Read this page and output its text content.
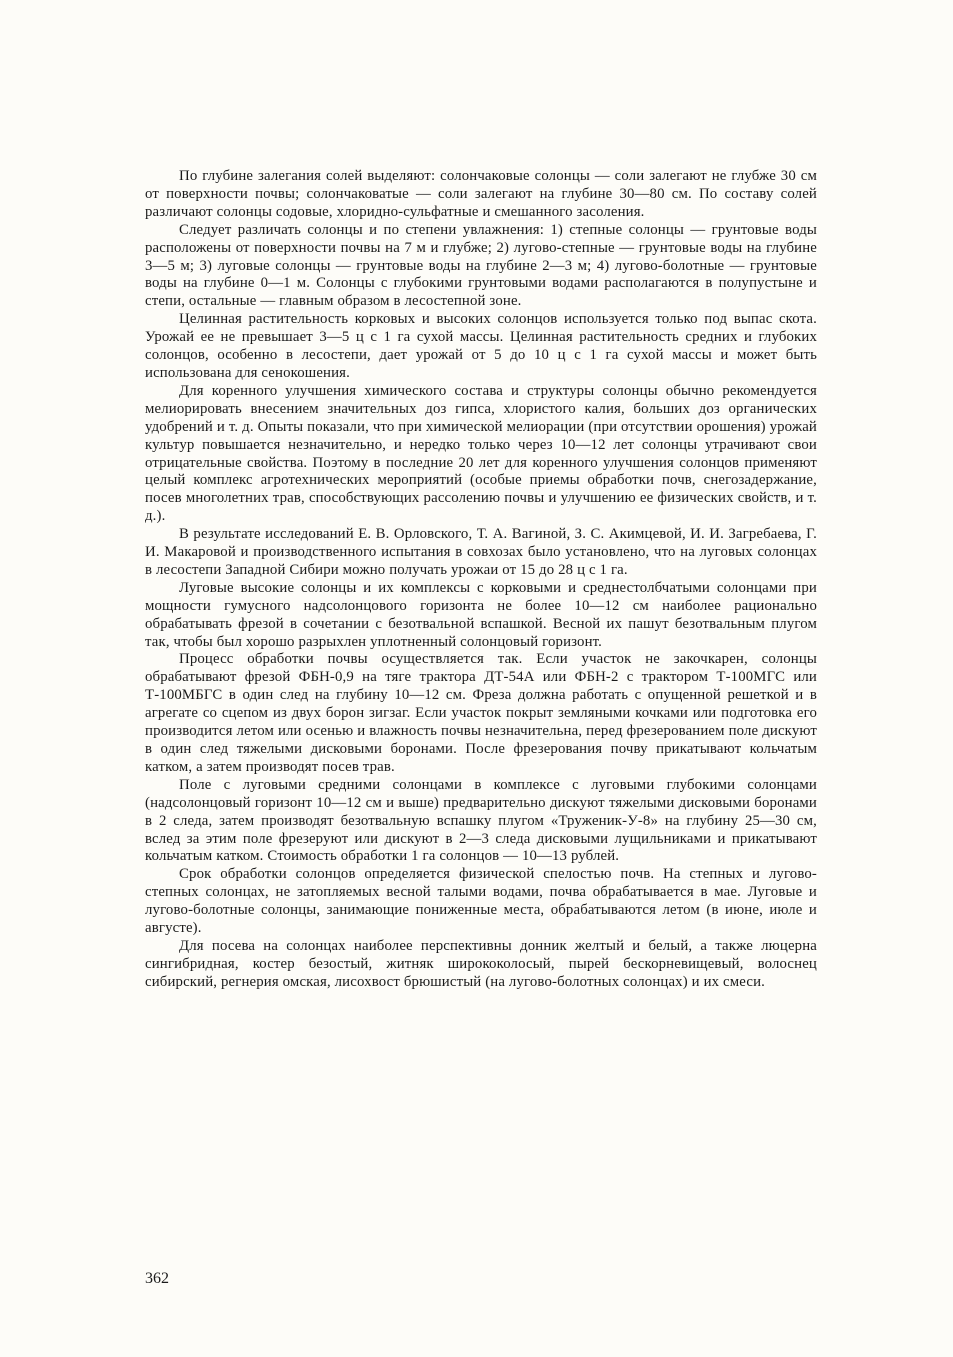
По глубине залегания солей выделяют: солончаковые солонцы — соли залегают не глубже 30 см от поверхности почвы; солончаковатые — соли залегают на глубине 30—80 см. По составу солей различают солонцы содовые, хлоридно-сульфатные и смешанного засоления.

Следует различать солонцы и по степени увлажнения: 1) степные солонцы — грунтовые воды расположены от поверхности почвы на 7 м и глубже; 2) лугово-степные — грунтовые воды на глубине 3—5 м; 3) луговые солонцы — грунтовые воды на глубине 2—3 м; 4) лугово-болотные — грунтовые воды на глубине 0—1 м. Солонцы с глубокими грунтовыми водами располагаются в полупустыне и степи, остальные — главным образом в лесостепной зоне.

Целинная растительность корковых и высоких солонцов используется только под выпас скота. Урожай ее не превышает 3—5 ц с 1 га сухой массы. Целинная растительность средних и глубоких солонцов, особенно в лесостепи, дает урожай от 5 до 10 ц с 1 га сухой массы и может быть использована для сенокошения.

Для коренного улучшения химического состава и структуры солонцы обычно рекомендуется мелиорировать внесением значительных доз гипса, хлористого калия, больших доз органических удобрений и т. д. Опыты показали, что при химической мелиорации (при отсутствии орошения) урожай культур повышается незначительно, и нередко только через 10—12 лет солонцы утрачивают свои отрицательные свойства. Поэтому в последние 20 лет для коренного улучшения солонцов применяют целый комплекс агротехнических мероприятий (особые приемы обработки почв, снегозадержание, посев многолетних трав, способствующих рассолению почвы и улучшению ее физических свойств, и т. д.).

В результате исследований Е. В. Орловского, Т. А. Вагиной, З. С. Акимцевой, И. И. Загребаева, Г. И. Макаровой и производственного испытания в совхозах было установлено, что на луговых солонцах в лесостепи Западной Сибири можно получать урожаи от 15 до 28 ц с 1 га.

Луговые высокие солонцы и их комплексы с корковыми и среднестолбчатыми солонцами при мощности гумусного надсолонцового горизонта не более 10—12 см наиболее рационально обрабатывать фрезой в сочетании с безотвальной вспашкой. Весной их пашут безотвальным плугом так, чтобы был хорошо разрыхлен уплотненный солонцовый горизонт.

Процесс обработки почвы осуществляется так. Если участок не закочкарен, солонцы обрабатывают фрезой ФБН-0,9 на тяге трактора ДТ-54А или ФБН-2 с трактором Т-100МГС или Т-100МБГС в один след на глубину 10—12 см. Фреза должна работать с опущенной решеткой и в агрегате со сцепом из двух борон зигзаг. Если участок покрыт земляными кочками или подготовка его производится летом или осенью и влажность почвы незначительна, перед фрезерованием поле дискуют в один след тяжелыми дисковыми боронами. После фрезерования почву прикатывают кольчатым катком, а затем производят посев трав.

Поле с луговыми средними солонцами в комплексе с луговыми глубокими солонцами (надсолонцовый горизонт 10—12 см и выше) предварительно дискуют тяжелыми дисковыми боронами в 2 следа, затем производят безотвальную вспашку плугом «Труженик-У-8» на глубину 25—30 см, вслед за этим поле фрезеруют или дискуют в 2—3 следа дисковыми лущильниками и прикатывают кольчатым катком. Стоимость обработки 1 га солонцов — 10—13 рублей.

Срок обработки солонцов определяется физической спелостью почв. На степных и лугово-степных солонцах, не затопляемых весной талыми водами, почва обрабатывается в мае. Луговые и лугово-болотные солонцы, занимающие пониженные места, обрабатываются летом (в июне, июле и августе).

Для посева на солонцах наиболее перспективны донник желтый и белый, а также люцерна сингибридная, костер безостый, житняк ширококолосый, пырей бескорневищевый, волоснец сибирский, регнерия омская, лисохвост брюшистый (на лугово-болотных солонцах) и их смеси.

362
